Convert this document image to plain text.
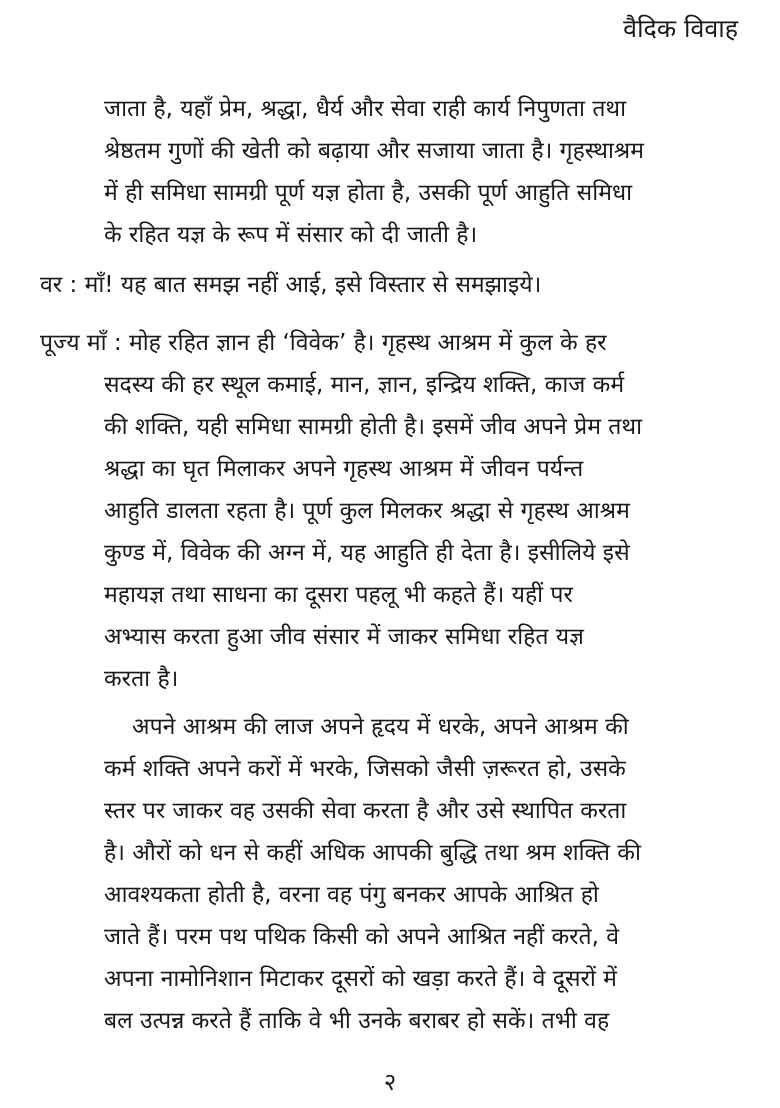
वैदिक विवाह
जाता है, यहाँ प्रेम, श्रद्धा, धैर्य और सेवा राही कार्य निपुणता तथा
श्रेष्ठतम गुणों की खेती को बढ़ाया और सजाया जाता है। गृहस्थाश्रम
में ही समिधा सामग्री पूर्ण यज्ञ होता है, उसकी पूर्ण आहुति समिधा
के रहित यज्ञ के रूप में संसार को दी जाती है।
वर : माँ! यह बात समझ नहीं आई, इसे विस्तार से समझाइये।
पूज्य माँ : मोह रहित ज्ञान ही ‘विवेक’ है। गृहस्थ आश्रम में कुल के हर
सदस्य की हर स्थूल कमाई, मान, ज्ञान, इन्द्रिय शक्ति, काज कर्म
की शक्ति, यही समिधा सामग्री होती है। इसमें जीव अपने प्रेम तथा
श्रद्धा का घृत मिलाकर अपने गृहस्थ आश्रम में जीवन पर्यन्त
आहुति डालता रहता है। पूर्ण कुल मिलकर श्रद्धा से गृहस्थ आश्रम
कुण्ड में, विवेक की अग्न में, यह आहुति ही देता है। इसीलिये इसे
महायज्ञ तथा साधना का दूसरा पहलू भी कहते हैं। यहीं पर
अभ्यास करता हुआ जीव संसार में जाकर समिधा रहित यज्ञ
करता है।
अपने आश्रम की लाज अपने हृदय में धरके, अपने आश्रम की
कर्म शक्ति अपने करों में भरके, जिसको जैसी ज़रूरत हो, उसके
स्तर पर जाकर वह उसकी सेवा करता है और उसे स्थापित करता
है। औरों को धन से कहीं अधिक आपकी बुद्धि तथा श्रम शक्ति की
आवश्यकता होती है, वरना वह पंगु बनकर आपके आश्रित हो
जाते हैं। परम पथ पथिक किसी को अपने आश्रित नहीं करते, वे
अपना नामोनिशान मिटाकर दूसरों को खड़ा करते हैं। वे दूसरों में
बल उत्पन्न करते हैं ताकि वे भी उनके बराबर हो सकें। तभी वह
२
